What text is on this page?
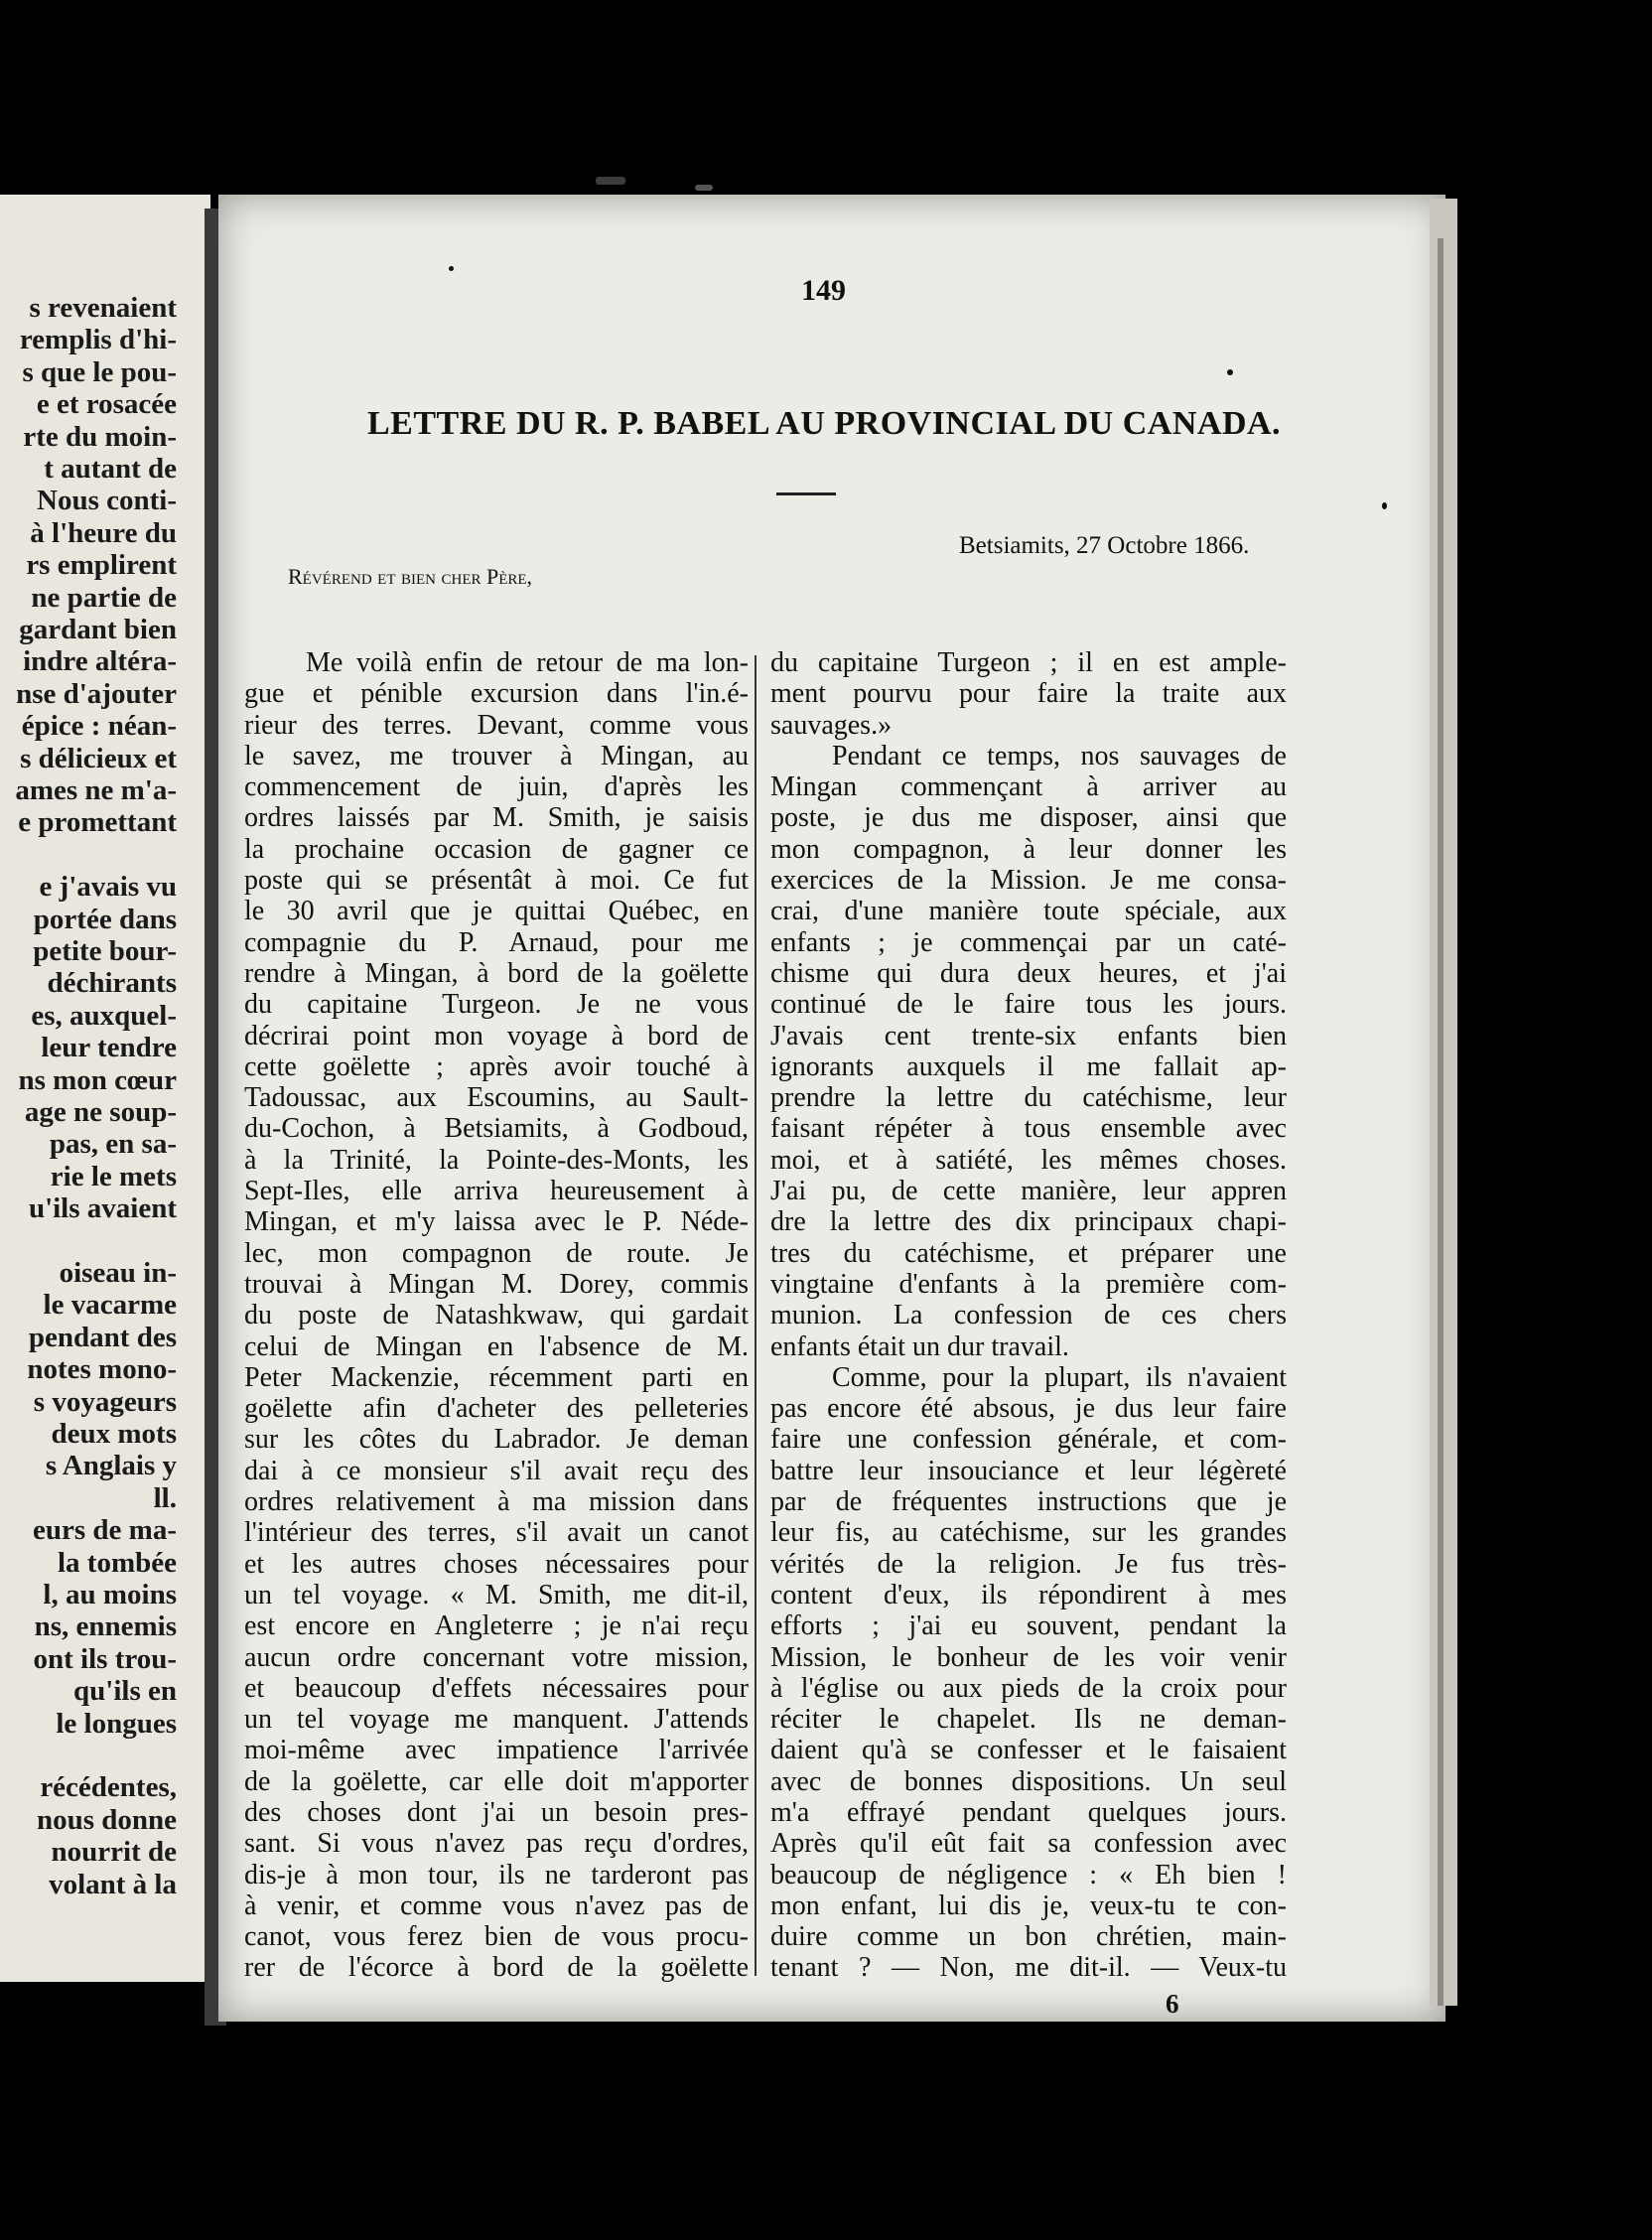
s revenaient
remplis d'hi-
s que le pou-
e et rosacée
rte du moin-
t autant de
Nous conti-
à l'heure du
rs emplirent
ne partie de
gardant bien
indre altéra-
nse d'ajouter
épice : néan-
s délicieux et
ames ne m'a-
e promettant
e j'avais vu
portée dans
petite bour-
déchirants
es, auxquel-
leur tendre
ns mon cœur
age ne soup-
pas, en sa-
rie le mets
u'ils avaient
oiseau in-
le vacarme
pendant des
notes mono-
s voyageurs
deux mots
s Anglais y
ll.
eurs de ma-
la tombée
l, au moins
ns, ennemis
ont ils trou-
qu'ils en
le longues
récédentes,
nous donne
nourrit de
volant à la
149
LETTRE DU R. P. BABEL AU PROVINCIAL DU CANADA.
Betsiamits, 27 Octobre 1866.
Révérend et bien cher Père,
Me voilà enfin de retour de ma lon-
gue et pénible excursion dans l'in.é-
rieur des terres. Devant, comme vous
le savez, me trouver à Mingan, au
commencement de juin, d'après les
ordres laissés par M. Smith, je saisis
la prochaine occasion de gagner ce
poste qui se présentât à moi. Ce fut
le 30 avril que je quittai Québec, en
compagnie du P. Arnaud, pour me
rendre à Mingan, à bord de la goëlette
du capitaine Turgeon. Je ne vous
décrirai point mon voyage à bord de
cette goëlette ; après avoir touché à
Tadoussac, aux Escoumins, au Sault-
du-Cochon, à Betsiamits, à Godboud,
à la Trinité, la Pointe-des-Monts, les
Sept-Iles, elle arriva heureusement à
Mingan, et m'y laissa avec le P. Néde-
lec, mon compagnon de route. Je
trouvai à Mingan M. Dorey, commis
du poste de Natashkwaw, qui gardait
celui de Mingan en l'absence de M.
Peter Mackenzie, récemment parti en
goëlette afin d'acheter des pelleteries
sur les côtes du Labrador. Je deman
dai à ce monsieur s'il avait reçu des
ordres relativement à ma mission dans
l'intérieur des terres, s'il avait un canot
et les autres choses nécessaires pour
un tel voyage. « M. Smith, me dit-il,
est encore en Angleterre ; je n'ai reçu
aucun ordre concernant votre mission,
et beaucoup d'effets nécessaires pour
un tel voyage me manquent. J'attends
moi-même avec impatience l'arrivée
de la goëlette, car elle doit m'apporter
des choses dont j'ai un besoin pres-
sant. Si vous n'avez pas reçu d'ordres,
dis-je à mon tour, ils ne tarderont pas
à venir, et comme vous n'avez pas de
canot, vous ferez bien de vous procu-
rer de l'écorce à bord de la goëlette
du capitaine Turgeon ; il en est ample-
ment pourvu pour faire la traite aux
sauvages.»
Pendant ce temps, nos sauvages de
Mingan commençant à arriver au
poste, je dus me disposer, ainsi que
mon compagnon, à leur donner les
exercices de la Mission. Je me consa-
crai, d'une manière toute spéciale, aux
enfants ; je commençai par un caté-
chisme qui dura deux heures, et j'ai
continué de le faire tous les jours.
J'avais cent trente-six enfants bien
ignorants auxquels il me fallait ap-
prendre la lettre du catéchisme, leur
faisant répéter à tous ensemble avec
moi, et à satiété, les mêmes choses.
J'ai pu, de cette manière, leur appren
dre la lettre des dix principaux chapi-
tres du catéchisme, et préparer une
vingtaine d'enfants à la première com-
munion. La confession de ces chers
enfants était un dur travail.
Comme, pour la plupart, ils n'avaient
pas encore été absous, je dus leur faire
faire une confession générale, et com-
battre leur insouciance et leur légèreté
par de fréquentes instructions que je
leur fis, au catéchisme, sur les grandes
vérités de la religion. Je fus très-
content d'eux, ils répondirent à mes
efforts ; j'ai eu souvent, pendant la
Mission, le bonheur de les voir venir
à l'église ou aux pieds de la croix pour
réciter le chapelet. Ils ne deman-
daient qu'à se confesser et le faisaient
avec de bonnes dispositions. Un seul
m'a effrayé pendant quelques jours.
Après qu'il eût fait sa confession avec
beaucoup de négligence : « Eh bien !
mon enfant, lui dis je, veux-tu te con-
duire comme un bon chrétien, main-
tenant ? — Non, me dit-il. — Veux-tu
6
